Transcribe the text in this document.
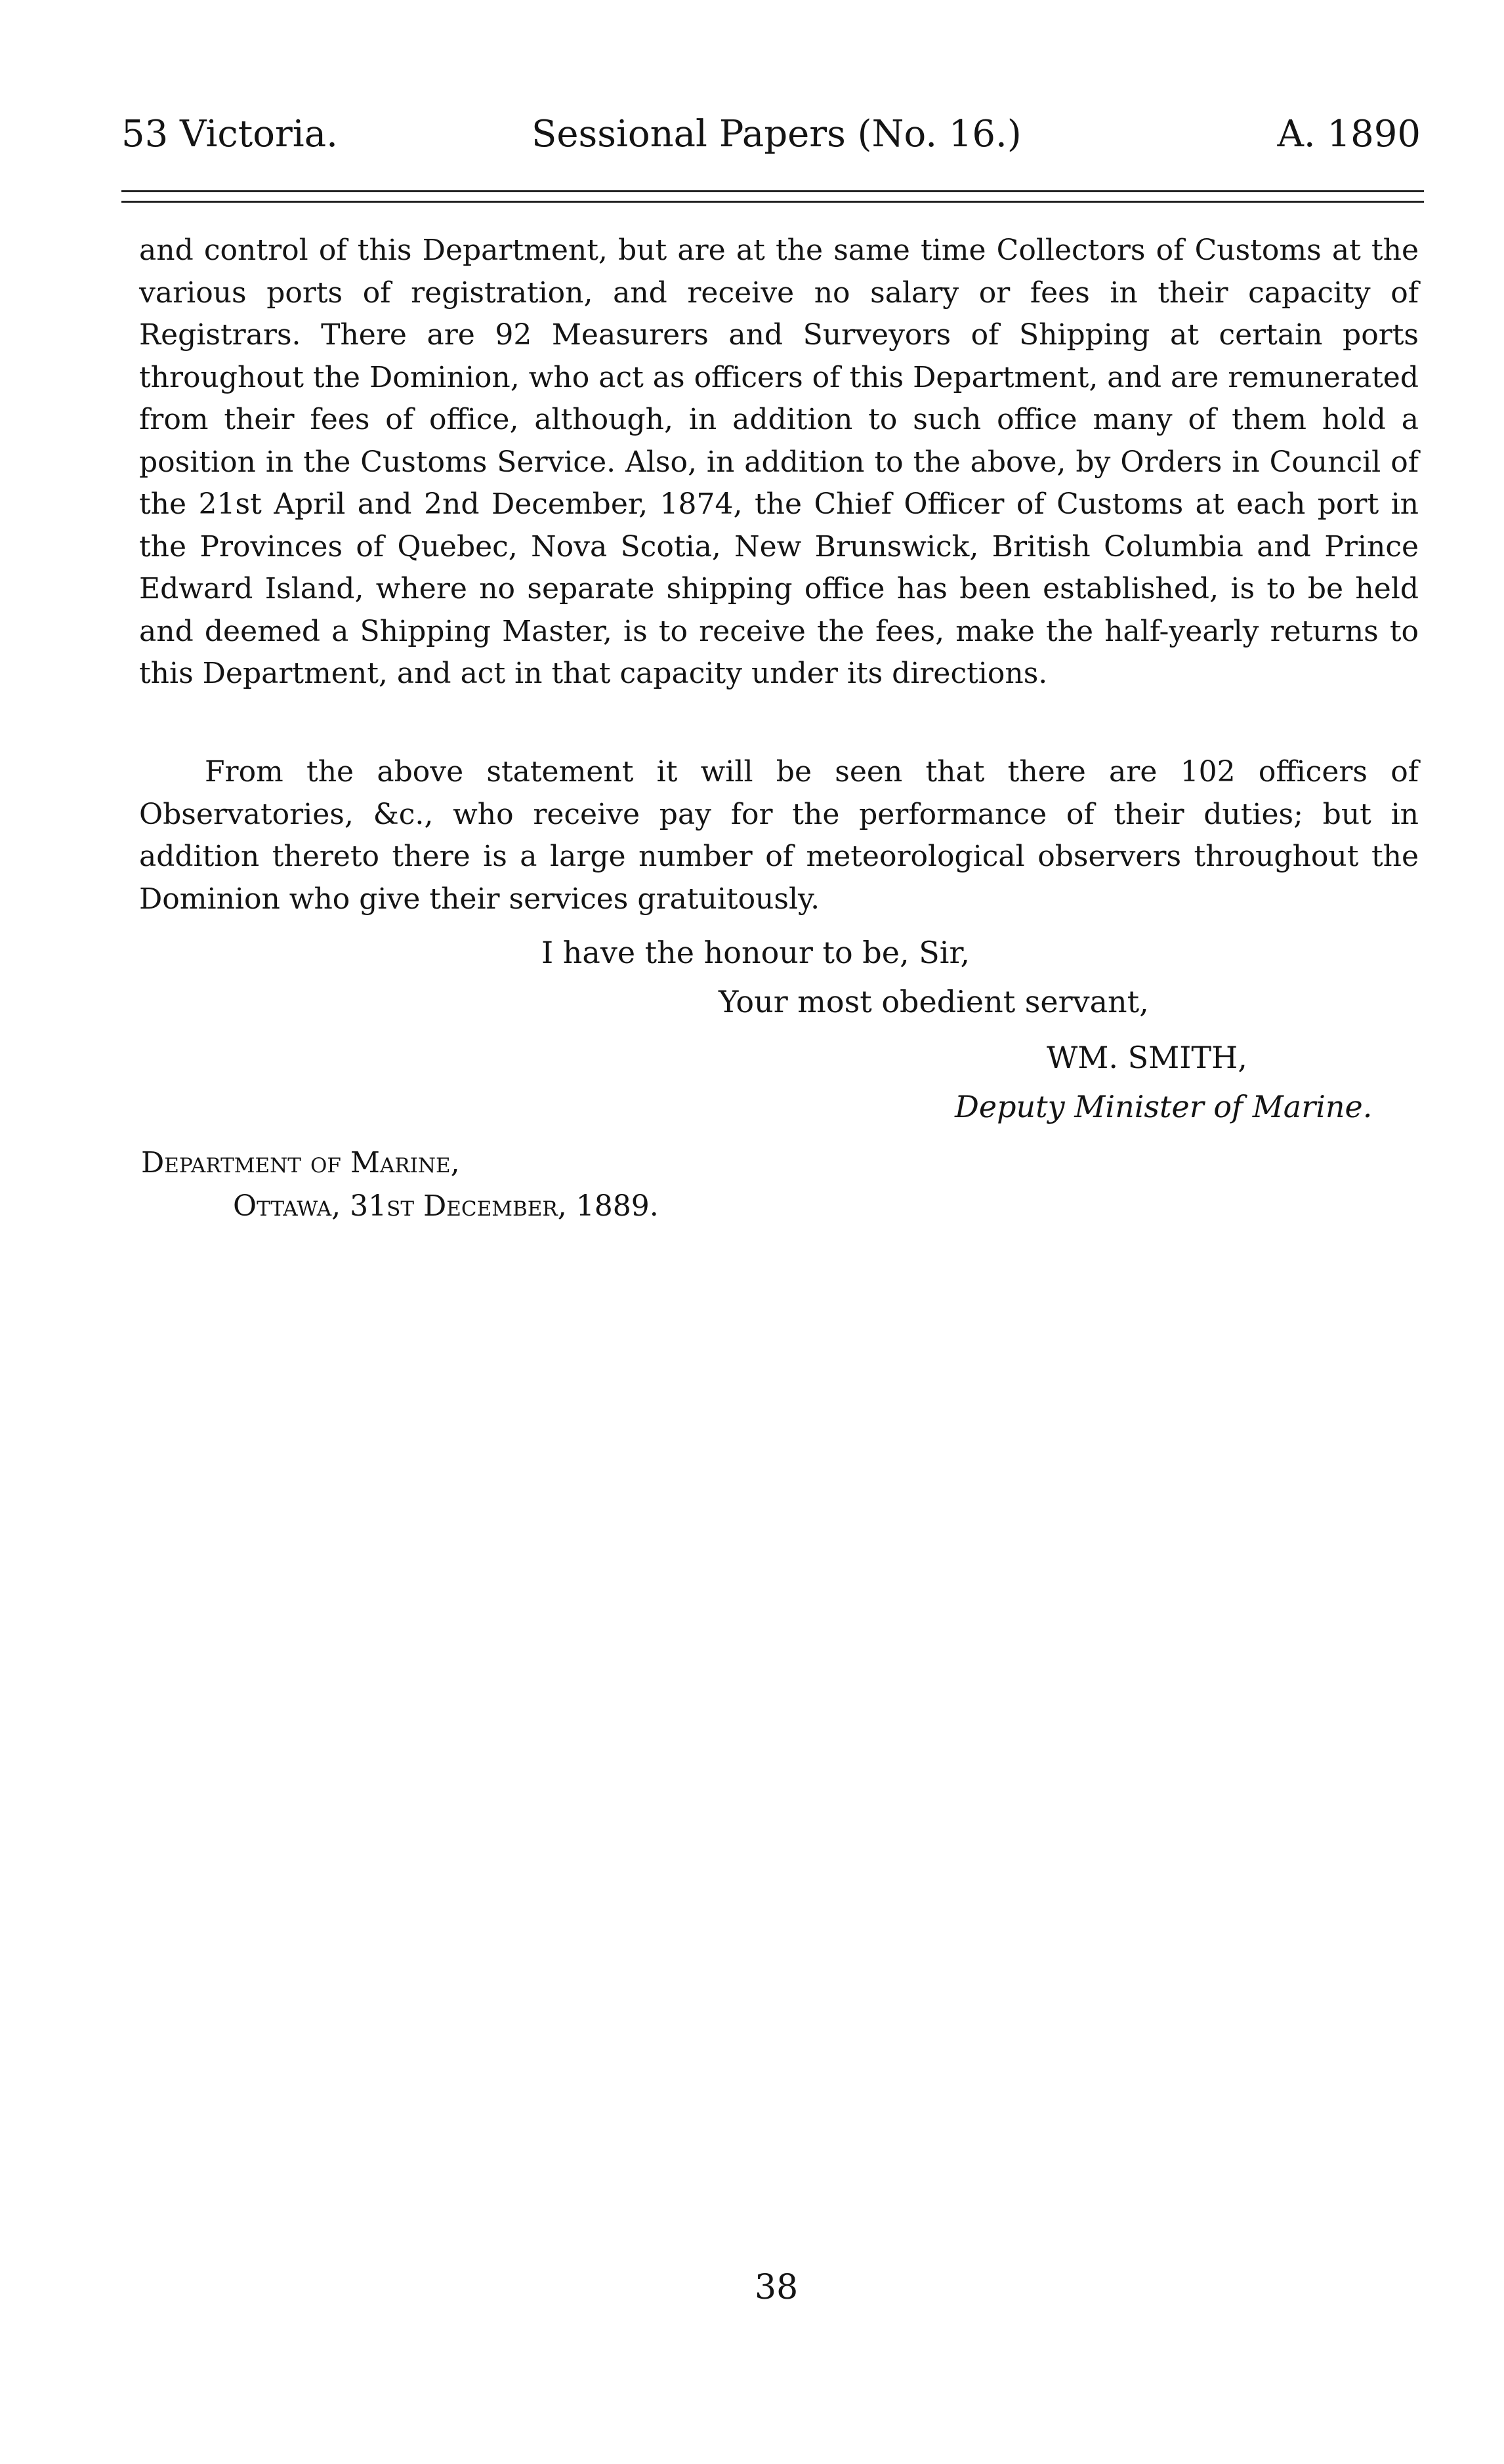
53 Victoria.	Sessional Papers (No. 16.)	A. 1890

and control of this Department, but are at the same time Collectors of Customs at the various ports of registration, and receive no salary or fees in their capacity of Registrars. There are 92 Measurers and Surveyors of Shipping at certain ports throughout the Dominion, who act as officers of this Department, and are remunerated from their fees of office, although, in addition to such office many of them hold a position in the Customs Service. Also, in addition to the above, by Orders in Council of the 21st April and 2nd December, 1874, the Chief Officer of Customs at each port in the Provinces of Quebec, Nova Scotia, New Brunswick, British Columbia and Prince Edward Island, where no separate shipping office has been established, is to be held and deemed a Shipping Master, is to receive the fees, make the half-yearly returns to this Department, and act in that capacity under its directions.

From the above statement it will be seen that there are 102 officers of Observatories, &c., who receive pay for the performance of their duties; but in addition thereto there is a large number of meteorological observers throughout the Dominion who give their services gratuitously.

I have the honour to be, Sir,
Your most obedient servant,
WM. SMITH,
Deputy Minister of Marine.
Department of Marine,
Ottawa, 31st December, 1889.
38
